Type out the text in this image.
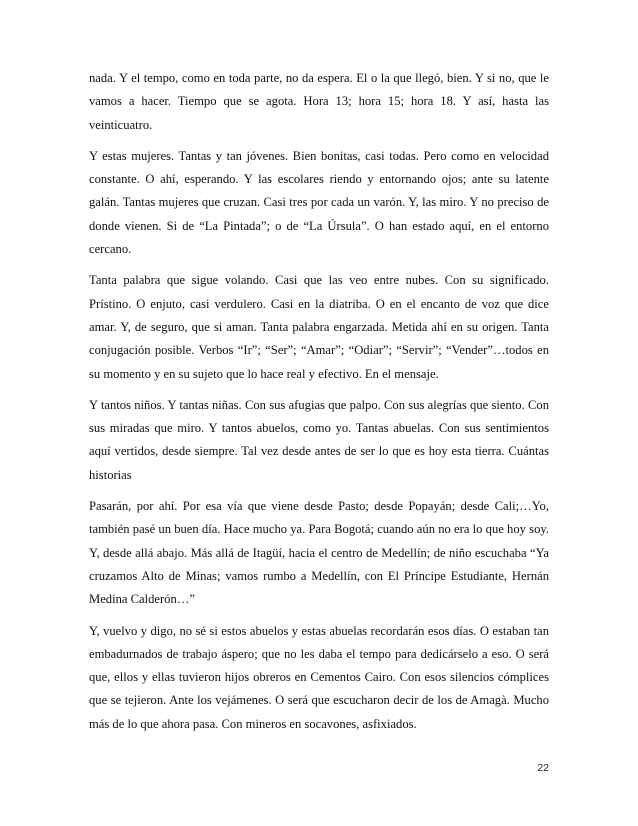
nada. Y el tempo, como en toda parte, no da espera. El o la que llegó, bien. Y si no, que le vamos a hacer. Tiempo que se agota. Hora 13; hora 15; hora 18. Y así, hasta las veinticuatro.

Y estas mujeres. Tantas y tan jóvenes. Bien bonitas, casi todas. Pero como en velocidad constante. O ahí, esperando. Y las escolares riendo y entornando ojos; ante su latente galán. Tantas mujeres que cruzan. Casi tres por cada un varón. Y, las miro. Y no preciso de donde vienen. Si de “La Pintada”; o de “La Úrsula”. O han estado aquí, en el entorno cercano.

Tanta palabra que sigue volando. Casi que las veo entre nubes. Con su significado. Prístino. O enjuto, casi verdulero. Casi en la diatriba. O en el encanto de voz que dice amar. Y, de seguro, que si aman. Tanta palabra engarzada. Metida ahí en su origen. Tanta conjugación posible. Verbos “Ir”; “Ser”; “Amar”; “Odiar”; “Servir”; “Vender”…todos en su momento y en su sujeto que lo hace real y efectivo. En el mensaje.

Y tantos niños. Y tantas niñas. Con sus afugias que palpo. Con sus alegrías que siento. Con sus miradas que miro. Y tantos abuelos, como yo. Tantas abuelas. Con sus sentimientos aquí vertidos, desde siempre. Tal vez desde antes de ser lo que es hoy esta tierra. Cuántas historias

Pasarán, por ahí. Por esa vía que viene desde Pasto; desde Popayán; desde Cali;…Yo, también pasé un buen día. Hace mucho ya. Para Bogotá; cuando aún no era lo que hoy soy. Y, desde allá abajo. Más allá de Itagüí, hacia el centro de Medellín; de niño escuchaba “Ya cruzamos Alto de Minas; vamos rumbo a Medellín, con El Príncipe Estudiante, Hernán Medina Calderón…”

Y, vuelvo y digo, no sé si estos abuelos y estas abuelas recordarán esos días. O estaban tan embadurnados de trabajo áspero; que no les daba el tempo para dedicárselo a eso. O será que, ellos y ellas tuvieron hijos obreros en Cementos Cairo. Con esos silencios cómplices que se tejieron. Ante los vejámenes. O será que escucharon decir de los de Amagà. Mucho más de lo que ahora pasa. Con mineros en socavones, asfixiados.

22
